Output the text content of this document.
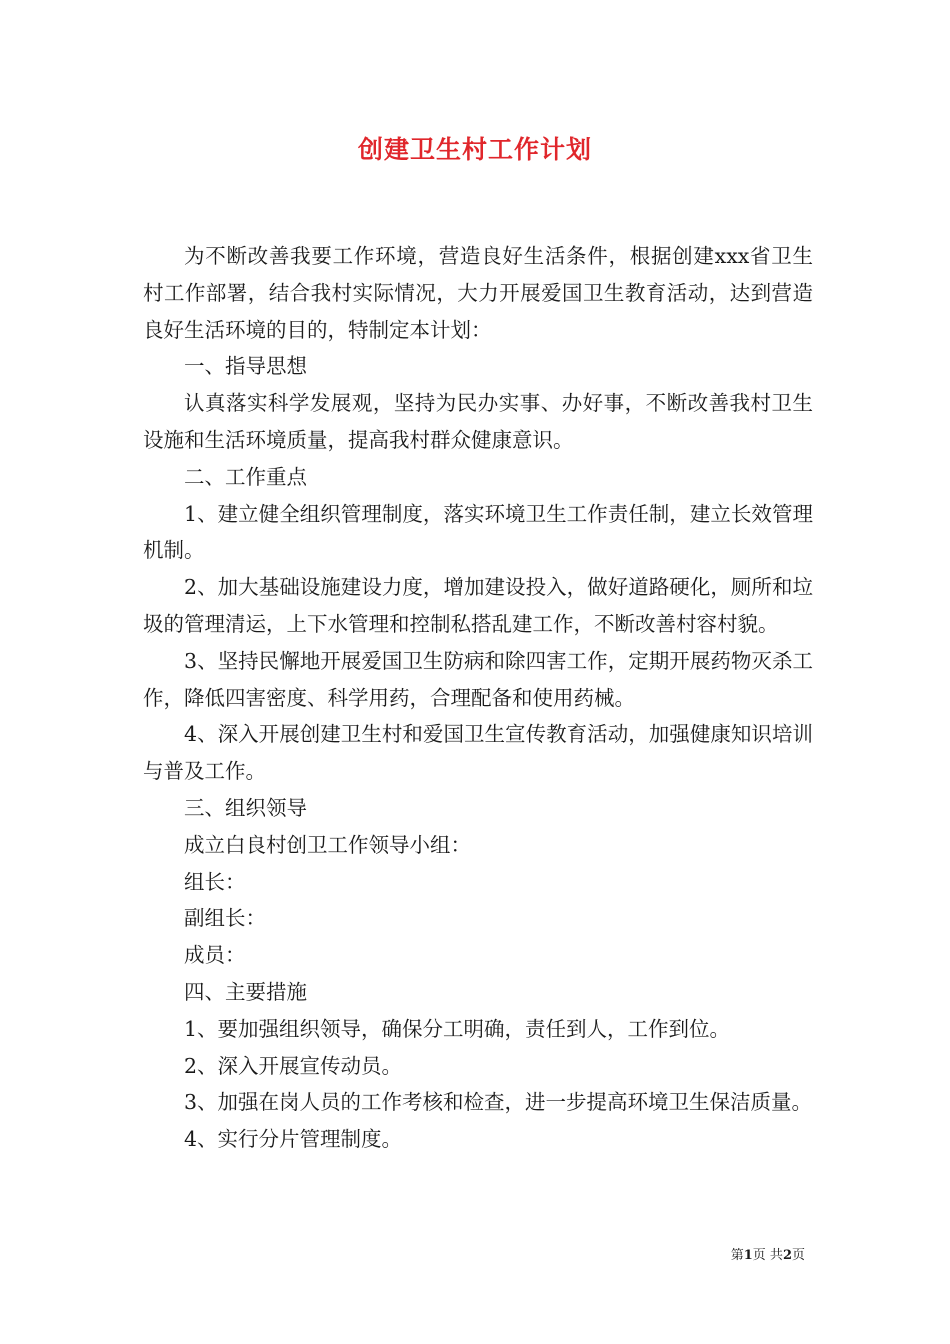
创建卫生村工作计划

为不断改善我要工作环境，营造良好生活条件，根据创建xxx省卫生村工作部署，结合我村实际情况，大力开展爱国卫生教育活动，达到营造良好生活环境的目的，特制定本计划：

一、指导思想

认真落实科学发展观，坚持为民办实事、办好事，不断改善我村卫生设施和生活环境质量，提高我村群众健康意识。

二、工作重点

1、建立健全组织管理制度，落实环境卫生工作责任制，建立长效管理机制。

2、加大基础设施建设力度，增加建设投入，做好道路硬化，厕所和垃圾的管理清运，上下水管理和控制私搭乱建工作，不断改善村容村貌。

3、坚持民懈地开展爱国卫生防病和除四害工作，定期开展药物灭杀工作，降低四害密度、科学用药，合理配备和使用药械。

4、深入开展创建卫生村和爱国卫生宣传教育活动，加强健康知识培训与普及工作。

三、组织领导

成立白良村创卫工作领导小组：

组长：

副组长：

成员：

四、主要措施

1、要加强组织领导，确保分工明确，责任到人，工作到位。

2、深入开展宣传动员。

3、加强在岗人员的工作考核和检查，进一步提高环境卫生保洁质量。

4、实行分片管理制度。

第1页 共2页
